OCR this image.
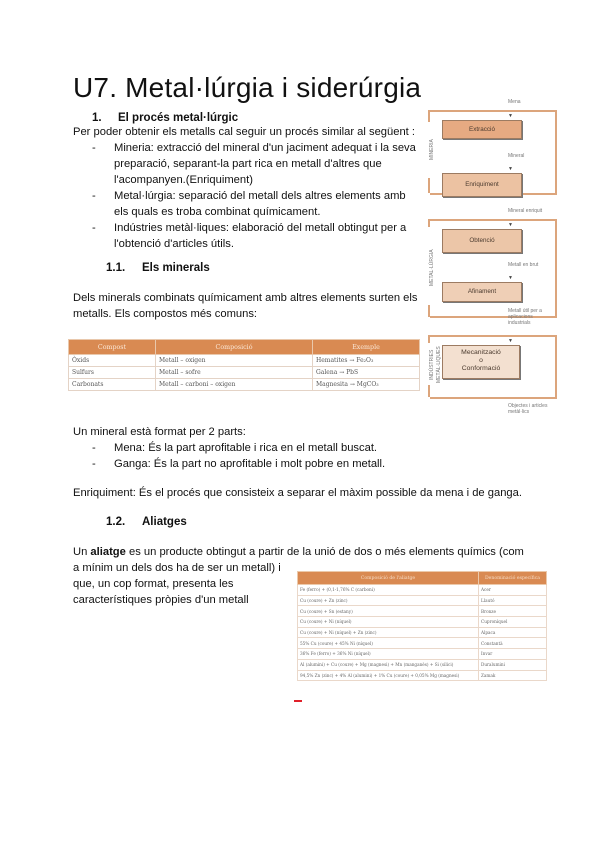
U7. Metal·lúrgia i siderúrgia
1. El procés metal·lúrgic
Per poder obtenir els metalls cal seguir un procés similar al següent :
- Mineria: extracció del mineral d'un jaciment adequat i la seva preparació, separant-la part rica en metall d'altres que l'acompanyen.(Enriquiment)
- Metal·lúrgia: separació del metall dels altres elements amb els quals es troba combinat químicament.
- Indústries metàl·liques: elaboració del metall obtingut per a l'obtenció d'articles útils.
1.1. Els minerals
Dels minerals combinats químicament amb altres elements surten els metalls. Els compostos més comuns:
Compost	Composició	Exemple
Òxids	Metall – oxigen	Hematites → Fe₂O₃
Sulfurs	Metall – sofre	Galena → PbS
Carbonats	Metall – carboni – oxigen	Magnesita → MgCO₃
Un mineral està format per 2 parts:
- Mena: És la part aprofitable i rica en el metall buscat.
- Ganga: És la part no aprofitable i molt pobre en metall.
Enriquiment: És el procés que consisteix a separar el màxim possible da mena i de ganga.
1.2. Aliatges
Un aliatge es un producte obtingut a partir de la unió de dos o més elements químics (com
a mínim un dels dos ha de ser un metall) i
que, un cop format, presenta les
característiques pròpies d'un metall
Composició de l'aliatge	Denominació específica
Fe (ferro) + (0,1-1,76% C (carboni)	Acer
Cu (coure) + Zn (zinc)	Llautó
Cu (coure) + Sn (estany)	Bronze
Cu (coure) + Ni (níquel)	Cuproníquel
Cu (coure) + Ni (níquel) + Zn (zinc)	Alpaca
55% Cu (coure) + 45% Ni (níquel)	Constantà
36% Fe (ferro) + 36% Ni (níquel)	Invar
Al (alumini) + Cu (coure) + Mg (magnesi) + Mn (manganès) + Si (silici)	Duralumini
94,5% Zn (zinc) + 4% Al (alumini) + 1% Cu (coure) + 0,05% Mg (magnesi)	Zamak
Mena
MINERIA
▼
Extracció
Mineral
▼
Enriquiment
Mineral enriquit
METAL·LÚRGIA
▼
Obtenció
Metall en brut
▼
Afinament
Metall útil per a aplicacions industrials
INDÚSTRIES METÀL·LIQUES
▼
Mecanització
o
Conformació
Objectes i articles metàl·lics
